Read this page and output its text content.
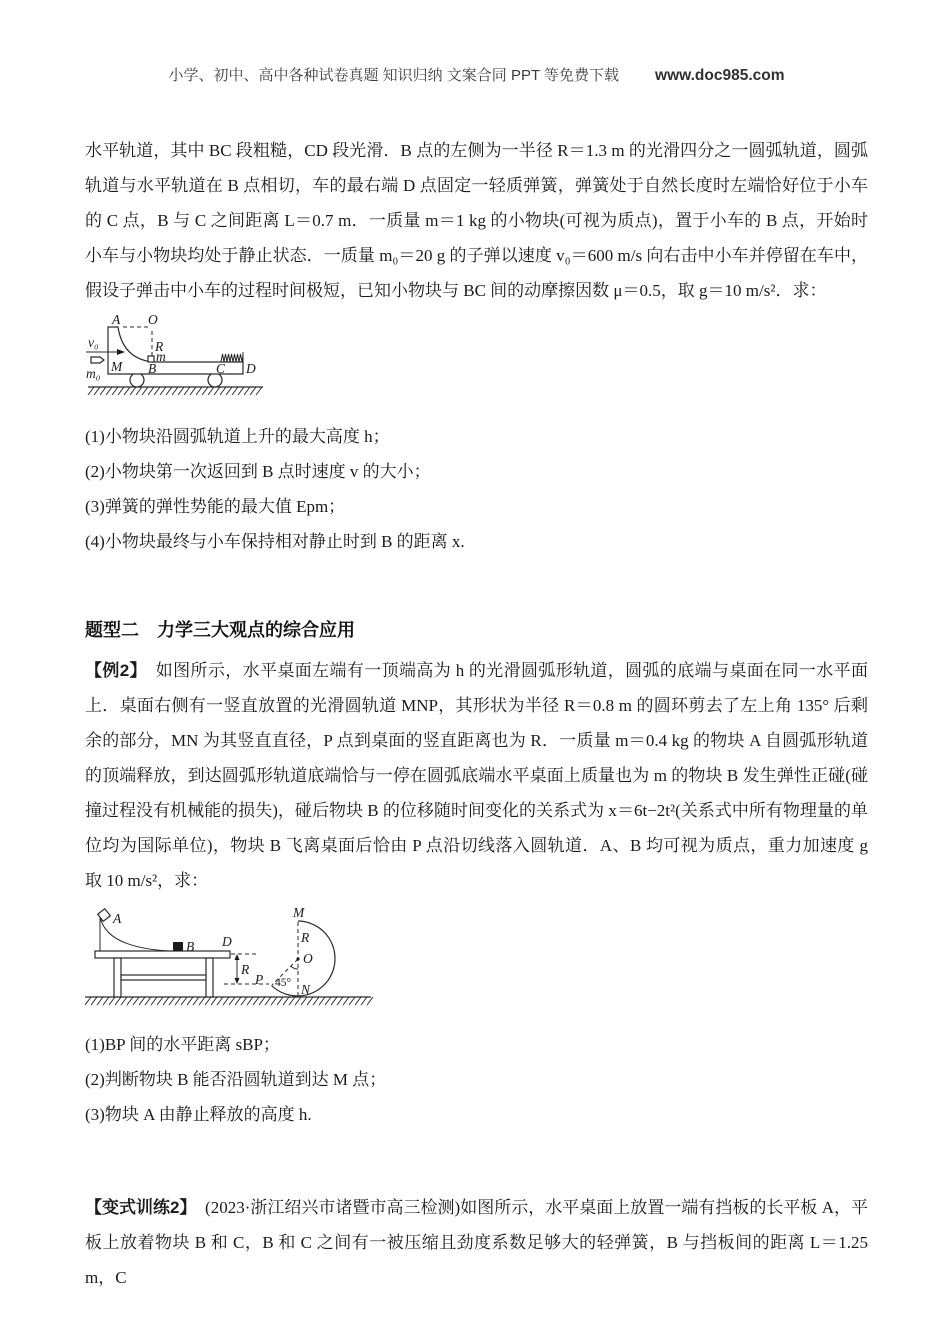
小学、初中、高中各种试卷真题 知识归纳 文案合同 PPT 等免费下载 www.doc985.com
水平轨道，其中 BC 段粗糙，CD 段光滑．B 点的左侧为一半径 R＝1.3 m 的光滑四分之一圆弧轨道，圆弧轨道与水平轨道在 B 点相切，车的最右端 D 点固定一轻质弹簧，弹簧处于自然长度时左端恰好位于小车的 C 点，B 与 C 之间距离 L＝0.7 m．一质量 m＝1 kg 的小物块(可视为质点)，置于小车的 B 点，开始时小车与小物块均处于静止状态．一质量 m₀＝20 g 的子弹以速度 v₀＝600 m/s 向右击中小车并停留在车中，假设子弹击中小车的过程时间极短，已知小物块与 BC 间的动摩擦因数 μ＝0.5，取 g＝10 m/s²．求：
v₀
m₀
A O
R
m
M B	C D
(1)小物块沿圆弧轨道上升的最大高度 h；
(2)小物块第一次返回到 B 点时速度 v 的大小；
(3)弹簧的弹性势能的最大值 Epm；
(4)小物块最终与小车保持相对静止时到 B 的距离 x.
题型二　力学三大观点的综合应用
【例2】　如图所示，水平桌面左端有一顶端高为 h 的光滑圆弧形轨道，圆弧的底端与桌面在同一水平面上．桌面右侧有一竖直放置的光滑圆轨道 MNP，其形状为半径 R＝0.8 m 的圆环剪去了左上角 135° 后剩余的部分，MN 为其竖直直径，P 点到桌面的竖直距离也为 R．一质量 m＝0.4 kg 的物块 A 自圆弧形轨道的顶端释放，到达圆弧形轨道底端恰与一停在圆弧底端水平桌面上质量也为 m 的物块 B 发生弹性正碰(碰撞过程没有机械能的损失)，碰后物块 B 的位移随时间变化的关系式为 x＝6t−2t²(关系式中所有物理量的单位均为国际单位)，物块 B 飞离桌面后恰由 P 点沿切线落入圆轨道．A、B 均可视为质点，重力加速度 g 取 10 m/s²，求：
A
B D
R
M
R
O
P 45° N
(1)BP 间的水平距离 sBP；
(2)判断物块 B 能否沿圆轨道到达 M 点；
(3)物块 A 由静止释放的高度 h.
【变式训练2】　(2023·浙江绍兴市诸暨市高三检测)如图所示，水平桌面上放置一端有挡板的长平板 A，平板上放着物块 B 和 C，B 和 C 之间有一被压缩且劲度系数足够大的轻弹簧，B 与挡板间的距离 L＝1.25 m，C
